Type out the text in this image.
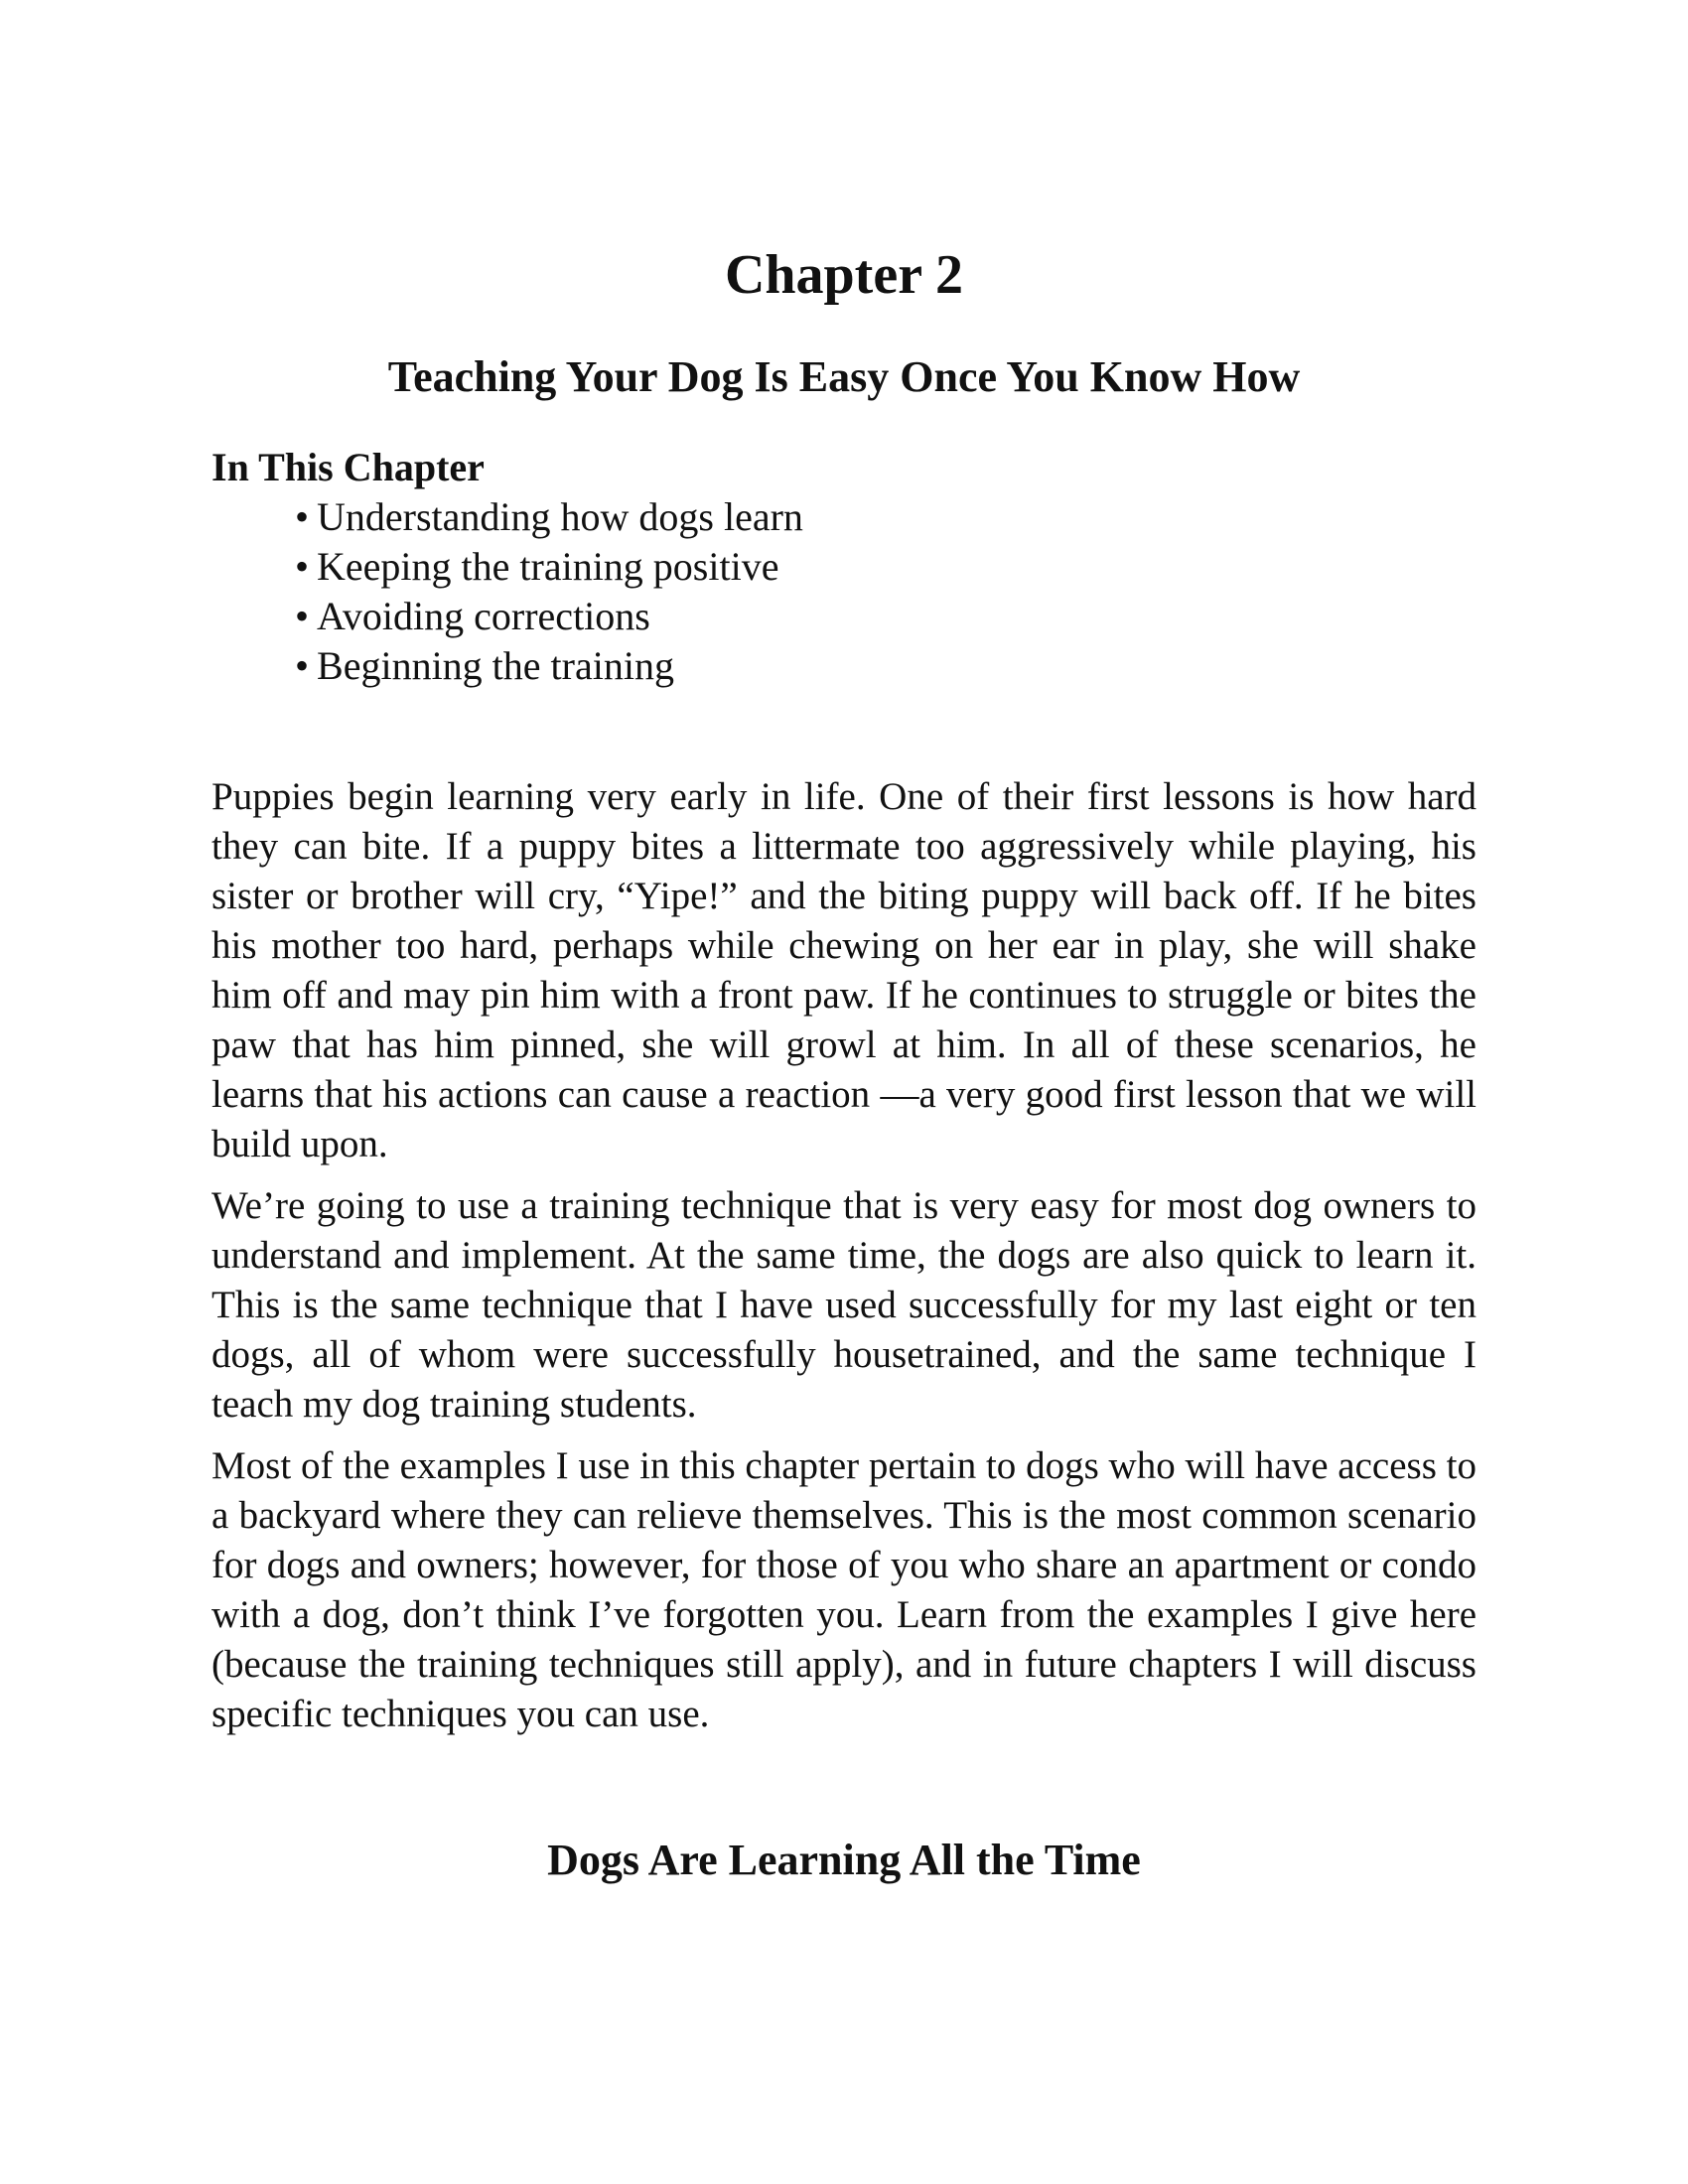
Chapter 2
Teaching Your Dog Is Easy Once You Know How
In This Chapter
• Understanding how dogs learn
• Keeping the training positive
• Avoiding corrections
• Beginning the training

Puppies begin learning very early in life. One of their first lessons is how hard they can bite. If a puppy bites a littermate too aggressively while playing, his sister or brother will cry, “Yipe!” and the biting puppy will back off. If he bites his mother too hard, perhaps while chewing on her ear in play, she will shake him off and may pin him with a front paw. If he continues to struggle or bites the paw that has him pinned, she will growl at him. In all of these scenarios, he learns that his actions can cause a reaction —a very good first lesson that we will build upon.

We’re going to use a training technique that is very easy for most dog owners to understand and implement. At the same time, the dogs are also quick to learn it. This is the same technique that I have used successfully for my last eight or ten dogs, all of whom were successfully housetrained, and the same technique I teach my dog training students.

Most of the examples I use in this chapter pertain to dogs who will have access to a backyard where they can relieve themselves. This is the most common scenario for dogs and owners; however, for those of you who share an apartment or condo with a dog, don’t think I’ve forgotten you. Learn from the examples I give here (because the training techniques still apply), and in future chapters I will discuss specific techniques you can use.

Dogs Are Learning All the Time
